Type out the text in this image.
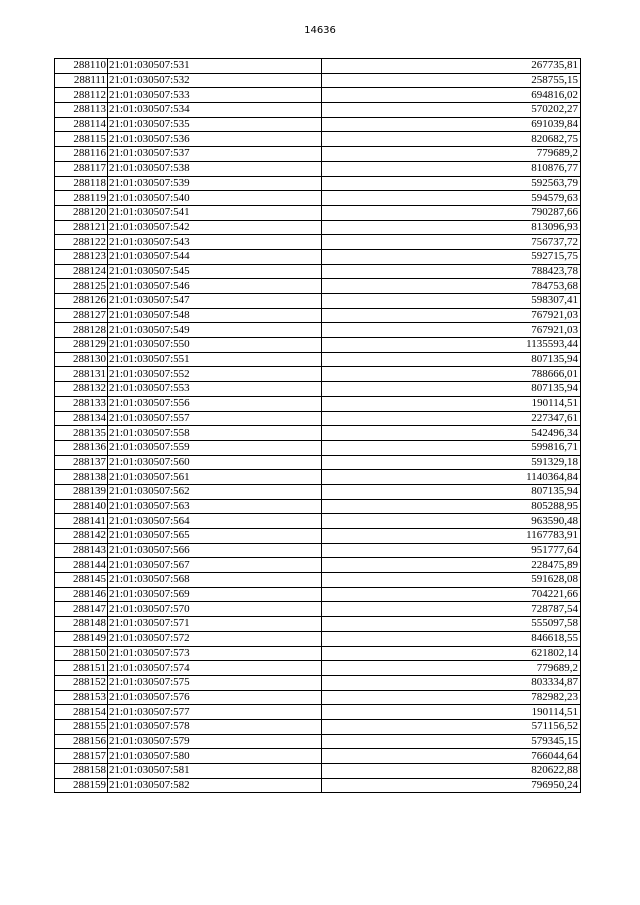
14636
288110	21:01:030507:531	267735,81
288111	21:01:030507:532	258755,15
288112	21:01:030507:533	694816,02
288113	21:01:030507:534	570202,27
288114	21:01:030507:535	691039,84
288115	21:01:030507:536	820682,75
288116	21:01:030507:537	779689,2
288117	21:01:030507:538	810876,77
288118	21:01:030507:539	592563,79
288119	21:01:030507:540	594579,63
288120	21:01:030507:541	790287,66
288121	21:01:030507:542	813096,93
288122	21:01:030507:543	756737,72
288123	21:01:030507:544	592715,75
288124	21:01:030507:545	788423,78
288125	21:01:030507:546	784753,68
288126	21:01:030507:547	598307,41
288127	21:01:030507:548	767921,03
288128	21:01:030507:549	767921,03
288129	21:01:030507:550	1135593,44
288130	21:01:030507:551	807135,94
288131	21:01:030507:552	788666,01
288132	21:01:030507:553	807135,94
288133	21:01:030507:556	190114,51
288134	21:01:030507:557	227347,61
288135	21:01:030507:558	542496,34
288136	21:01:030507:559	599816,71
288137	21:01:030507:560	591329,18
288138	21:01:030507:561	1140364,84
288139	21:01:030507:562	807135,94
288140	21:01:030507:563	805288,95
288141	21:01:030507:564	963590,48
288142	21:01:030507:565	1167783,91
288143	21:01:030507:566	951777,64
288144	21:01:030507:567	228475,89
288145	21:01:030507:568	591628,08
288146	21:01:030507:569	704221,66
288147	21:01:030507:570	728787,54
288148	21:01:030507:571	555097,58
288149	21:01:030507:572	846618,55
288150	21:01:030507:573	621802,14
288151	21:01:030507:574	779689,2
288152	21:01:030507:575	803334,87
288153	21:01:030507:576	782982,23
288154	21:01:030507:577	190114,51
288155	21:01:030507:578	571156,52
288156	21:01:030507:579	579345,15
288157	21:01:030507:580	766044,64
288158	21:01:030507:581	820622,88
288159	21:01:030507:582	796950,24
